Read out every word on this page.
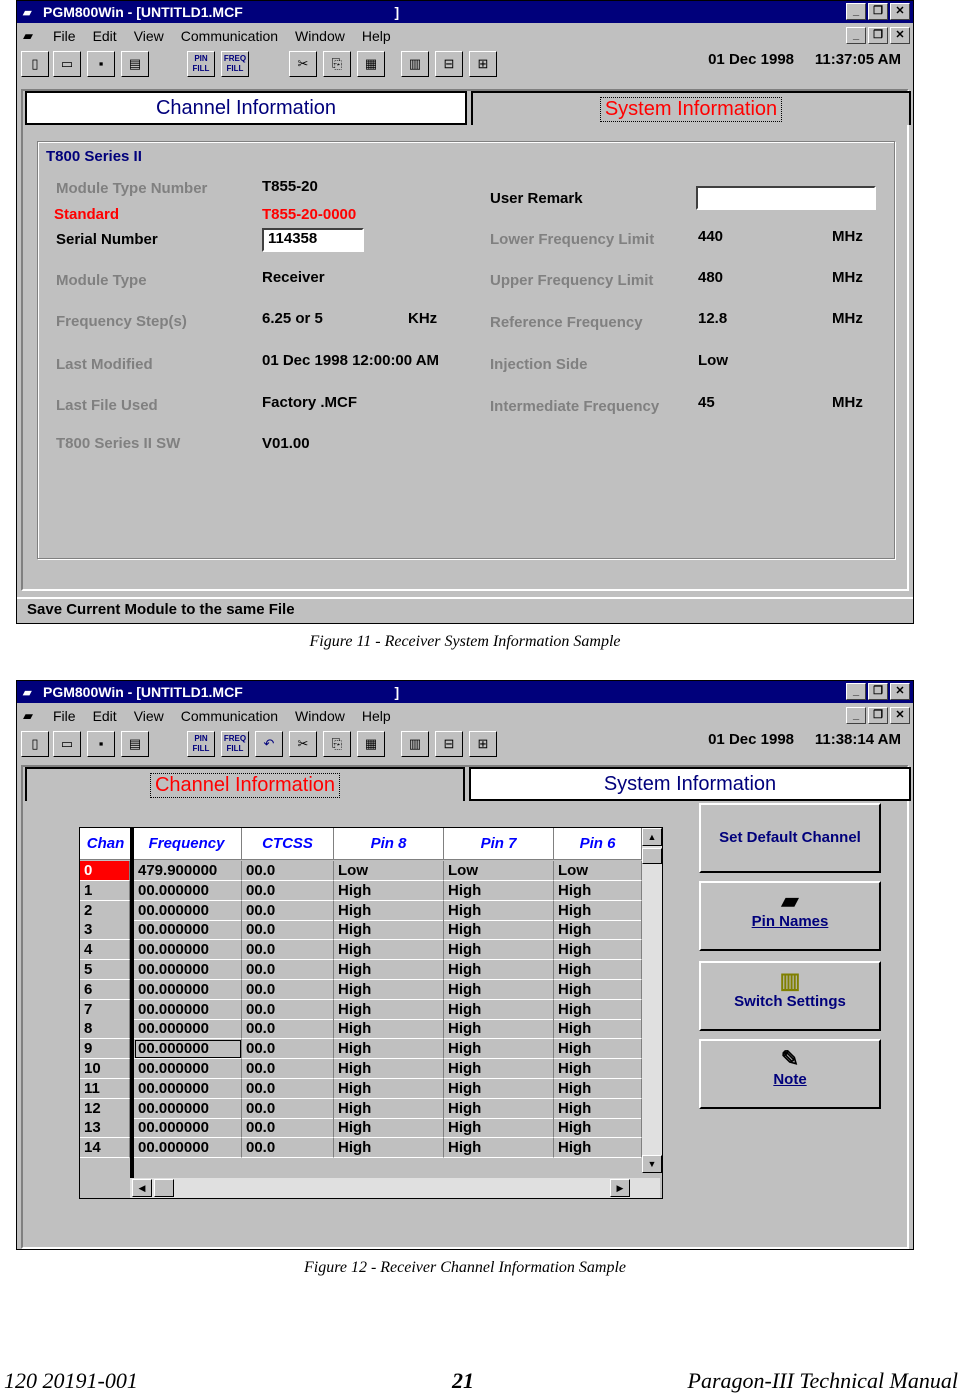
▰ PGM800Win - [UNTITLD1.MCF                                       ]	_	❐	✕
▰ File Edit View Communication Window Help	_	❐	✕
▯	▭	▪	▤	PIN
FILL
FREQ
FILL	✂	⎘	▦	▥	⊟	⊞	01 Dec 1998 11:37:05 AM
Channel Information	System Information
T800 Series II
Module Type Number	T855-20
Standard	T855-20-0000
Serial Number	114358
Module Type	Receiver
Frequency Step(s)	6.25 or 5	KHz
Last Modified	01 Dec 1998 12:00:00 AM
Last File Used	Factory .MCF
T800 Series II SW	V01.00
User Remark
Lower Frequency Limit	440	MHz
Upper Frequency Limit	480	MHz
Reference Frequency	12.8	MHz
Injection Side	Low
Intermediate Frequency	45	MHz
Save Current Module to the same File
Figure 11 - Receiver System Information Sample
▰ PGM800Win - [UNTITLD1.MCF                                       ]	_	❐	✕
▰ File Edit View Communication Window Help	_	❐	✕
▯	▭	▪	▤	PIN
FILL
FREQ
FILL	↶	✂	⎘	▦	▥	⊟	⊞	01 Dec 1998 11:38:14 AM
Channel Information	System Information
Chan	Frequency	CTCSS	Pin 8	Pin 7	Pin 6
0	479.900000	00.0	Low	Low	Low
1	00.000000	00.0	High	High	High
2	00.000000	00.0	High	High	High
3	00.000000	00.0	High	High	High
4	00.000000	00.0	High	High	High
5	00.000000	00.0	High	High	High
6	00.000000	00.0	High	High	High
7	00.000000	00.0	High	High	High
8	00.000000	00.0	High	High	High
9	00.000000	00.0	High	High	High
10	00.000000	00.0	High	High	High
11	00.000000	00.0	High	High	High
12	00.000000	00.0	High	High	High
13	00.000000	00.0	High	High	High
14	00.000000	00.0	High	High	High
▲
▼
◀	▶
Set Default Channel
▰
Pin Names
▥
Switch Settings
✎
Note
Figure 12 - Receiver Channel Information Sample
120 20191-001	21	Paragon-III Technical Manual
